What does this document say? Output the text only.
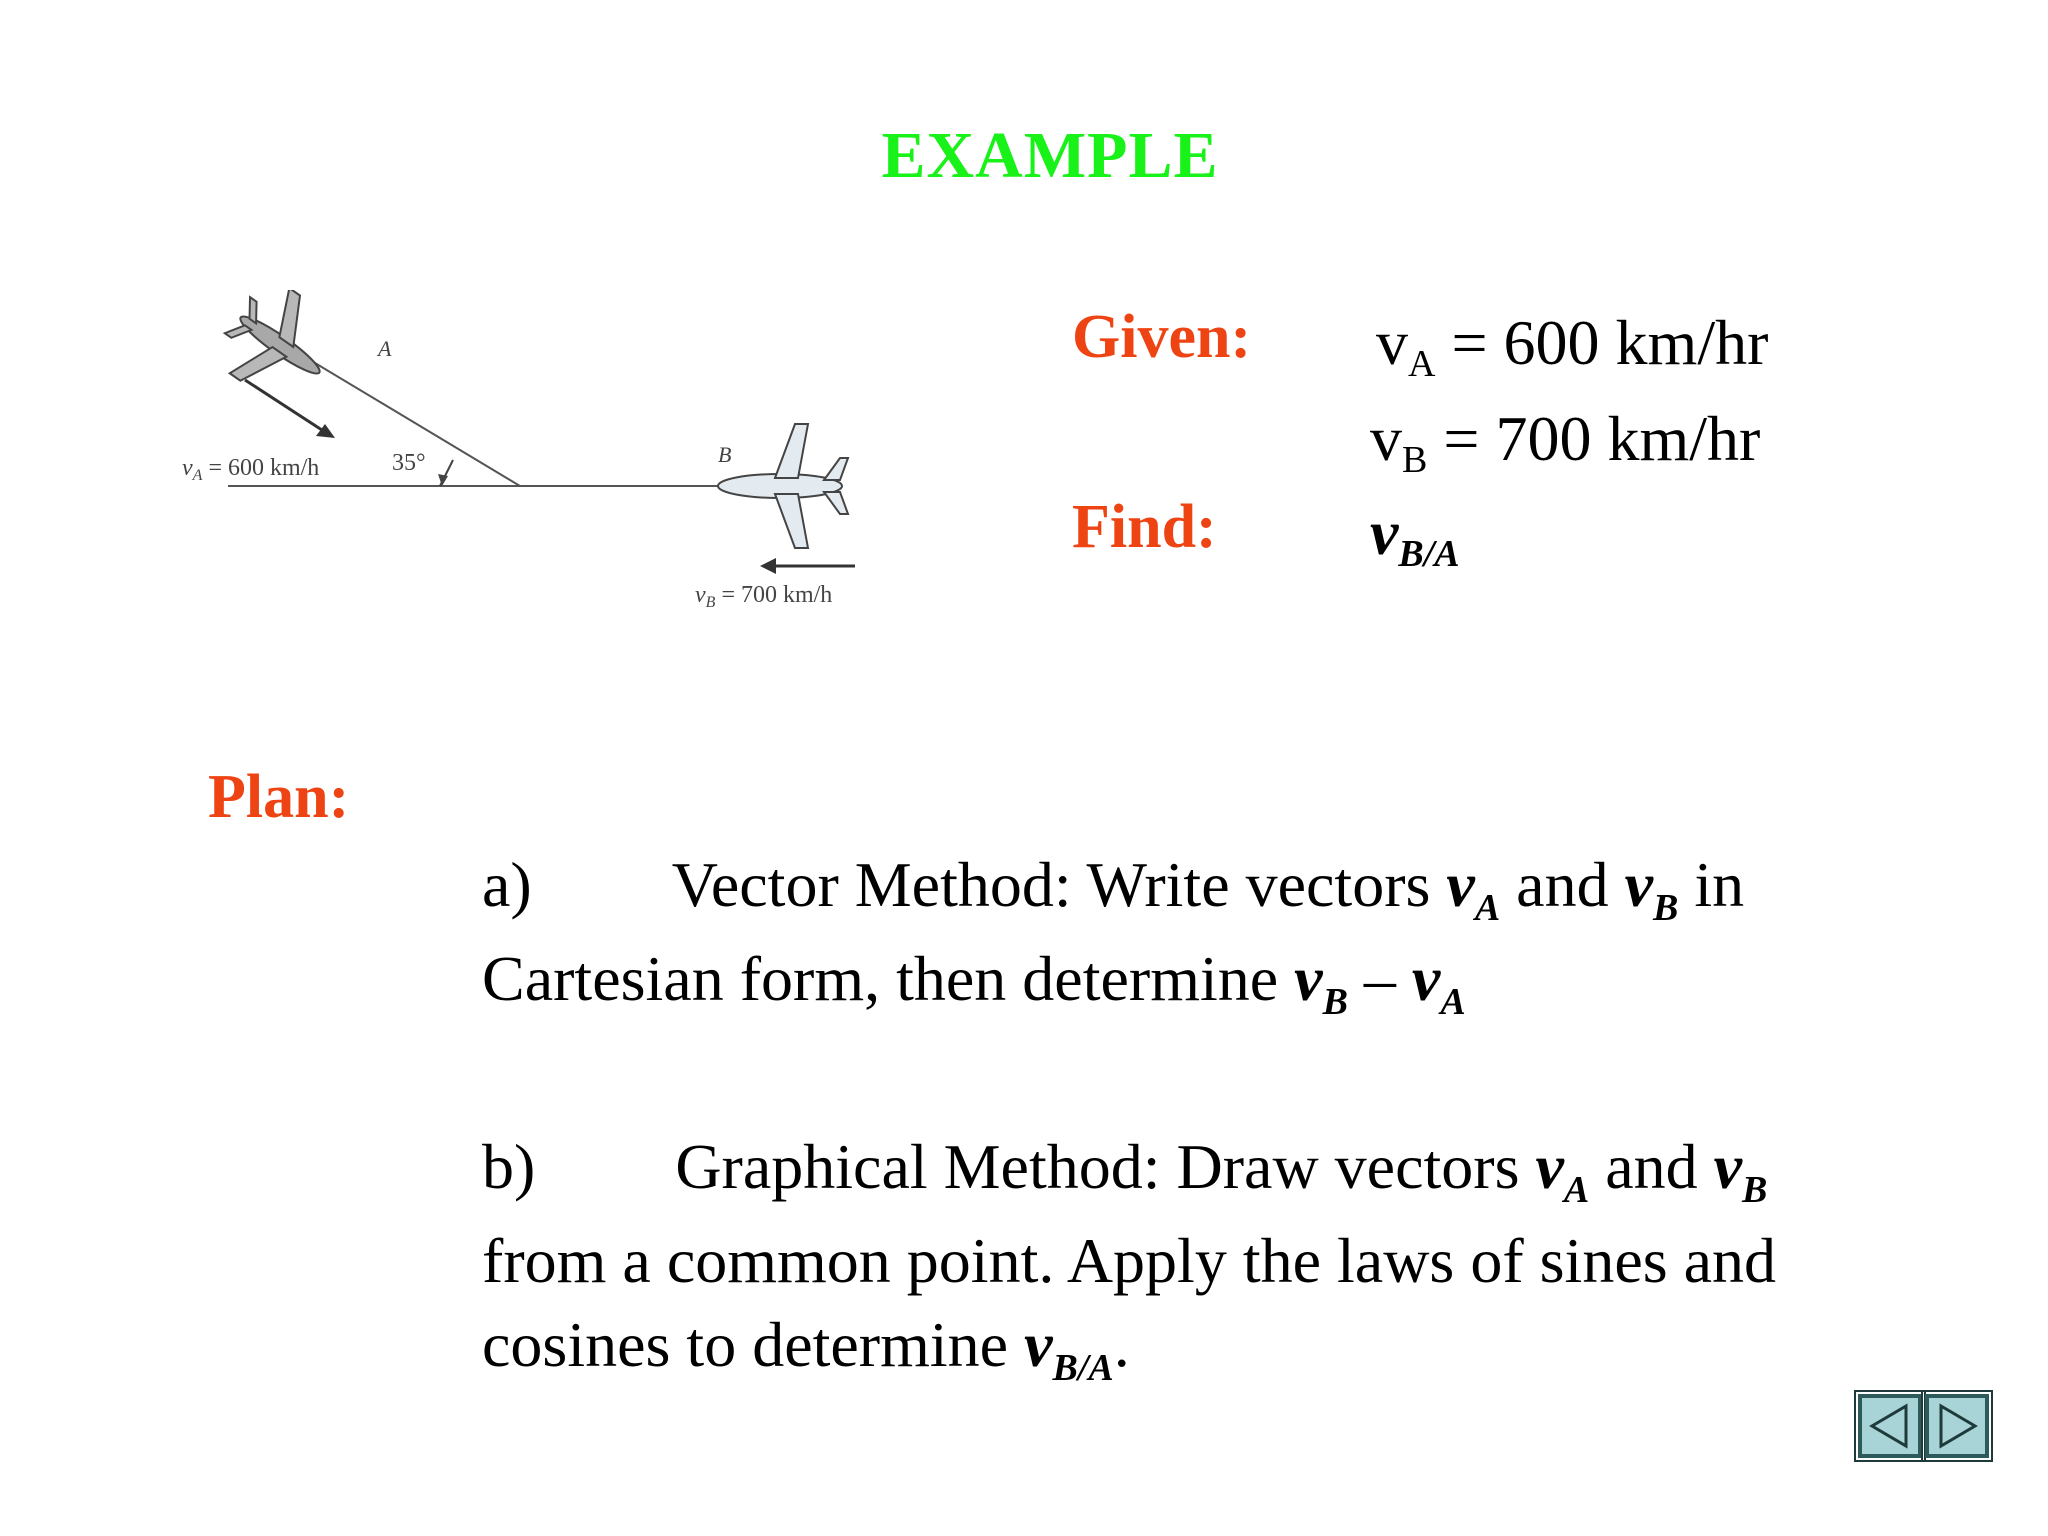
EXAMPLE
A
B
$v_A = 600$ km/h	35°
$v_B = 700$ km/h
Given: $v_A = 600$ km/hr
$v_B = 700$ km/hr
Find: $v_{B/A}$
Plan:
a) Vector Method: Write vectors $v_A$ and $v_B$ in
Cartesian form, then determine $v_B - v_A$
b) Graphical Method: Draw vectors $v_A$ and $v_B$
from a common point. Apply the laws of sines and
cosines to determine $v_{B/A}$.
